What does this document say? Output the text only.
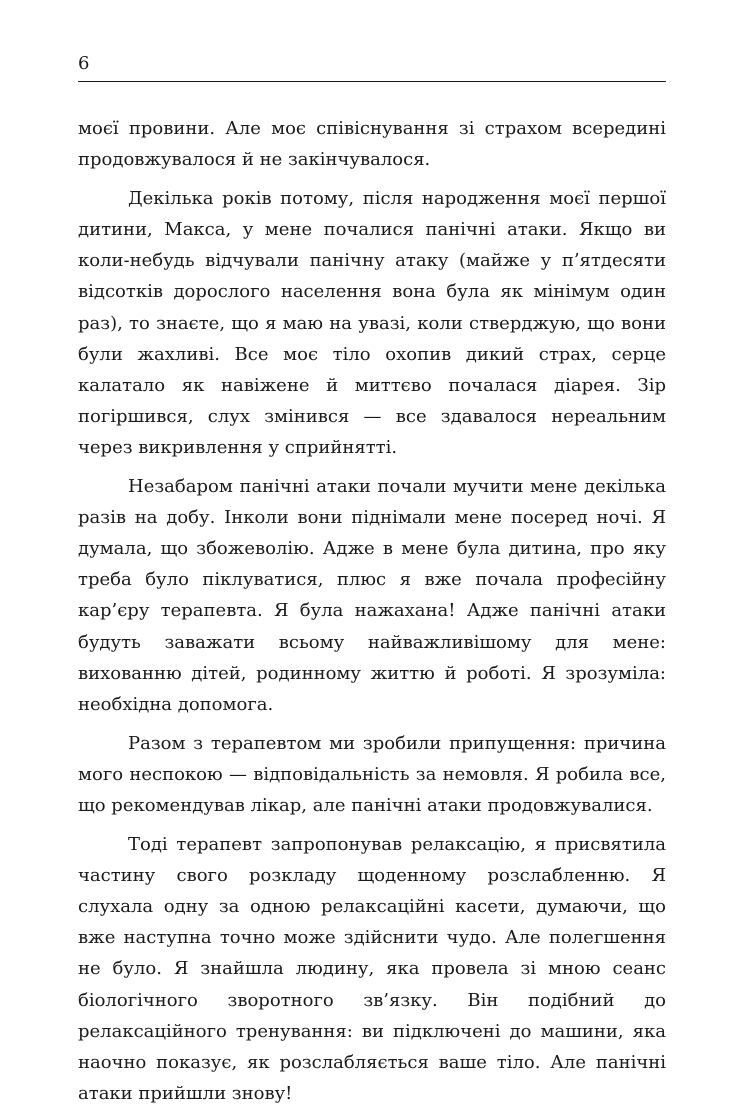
6

моєї провини. Але моє співіснування зі страхом всередині продовжувалося й не закінчувалося.

Декілька років потому, після народження моєї першої дитини, Макса, у мене почалися панічні атаки. Якщо ви коли-небудь відчували панічну атаку (майже у п’ятдесяти відсотків дорослого населення вона була як мінімум один раз), то знаєте, що я маю на увазі, коли стверджую, що вони були жахливі. Все моє тіло охопив дикий страх, серце калатало як навіжене й миттєво почалася діарея. Зір погіршився, слух змінився — все здавалося нереальним через викривлення у сприйнятті.

Незабаром панічні атаки почали мучити мене декілька разів на добу. Інколи вони піднімали мене посеред ночі. Я думала, що збожеволію. Адже в мене була дитина, про яку треба було піклуватися, плюс я вже почала професійну кар’єру терапевта. Я була нажахана! Адже панічні атаки будуть заважати всьому найважливішому для мене: вихованню дітей, родинному життю й роботі. Я зрозуміла: необхідна допомога.

Разом з терапевтом ми зробили припущення: причина мого неспокою — відповідальність за немовля. Я робила все, що рекомендував лікар, але панічні атаки продовжувалися.

Тоді терапевт запропонував релаксацію, я присвятила частину свого розкладу щоденному розслабленню. Я слухала одну за одною релаксаційні касети, думаючи, що вже наступна точно може здійснити чудо. Але полегшення не було. Я знайшла людину, яка провела зі мною сеанс біологічного зворотного зв’язку. Він подібний до релаксаційного тренування: ви підключені до машини, яка наочно показує, як розслабляється ваше тіло. Але панічні атаки прийшли знову!
